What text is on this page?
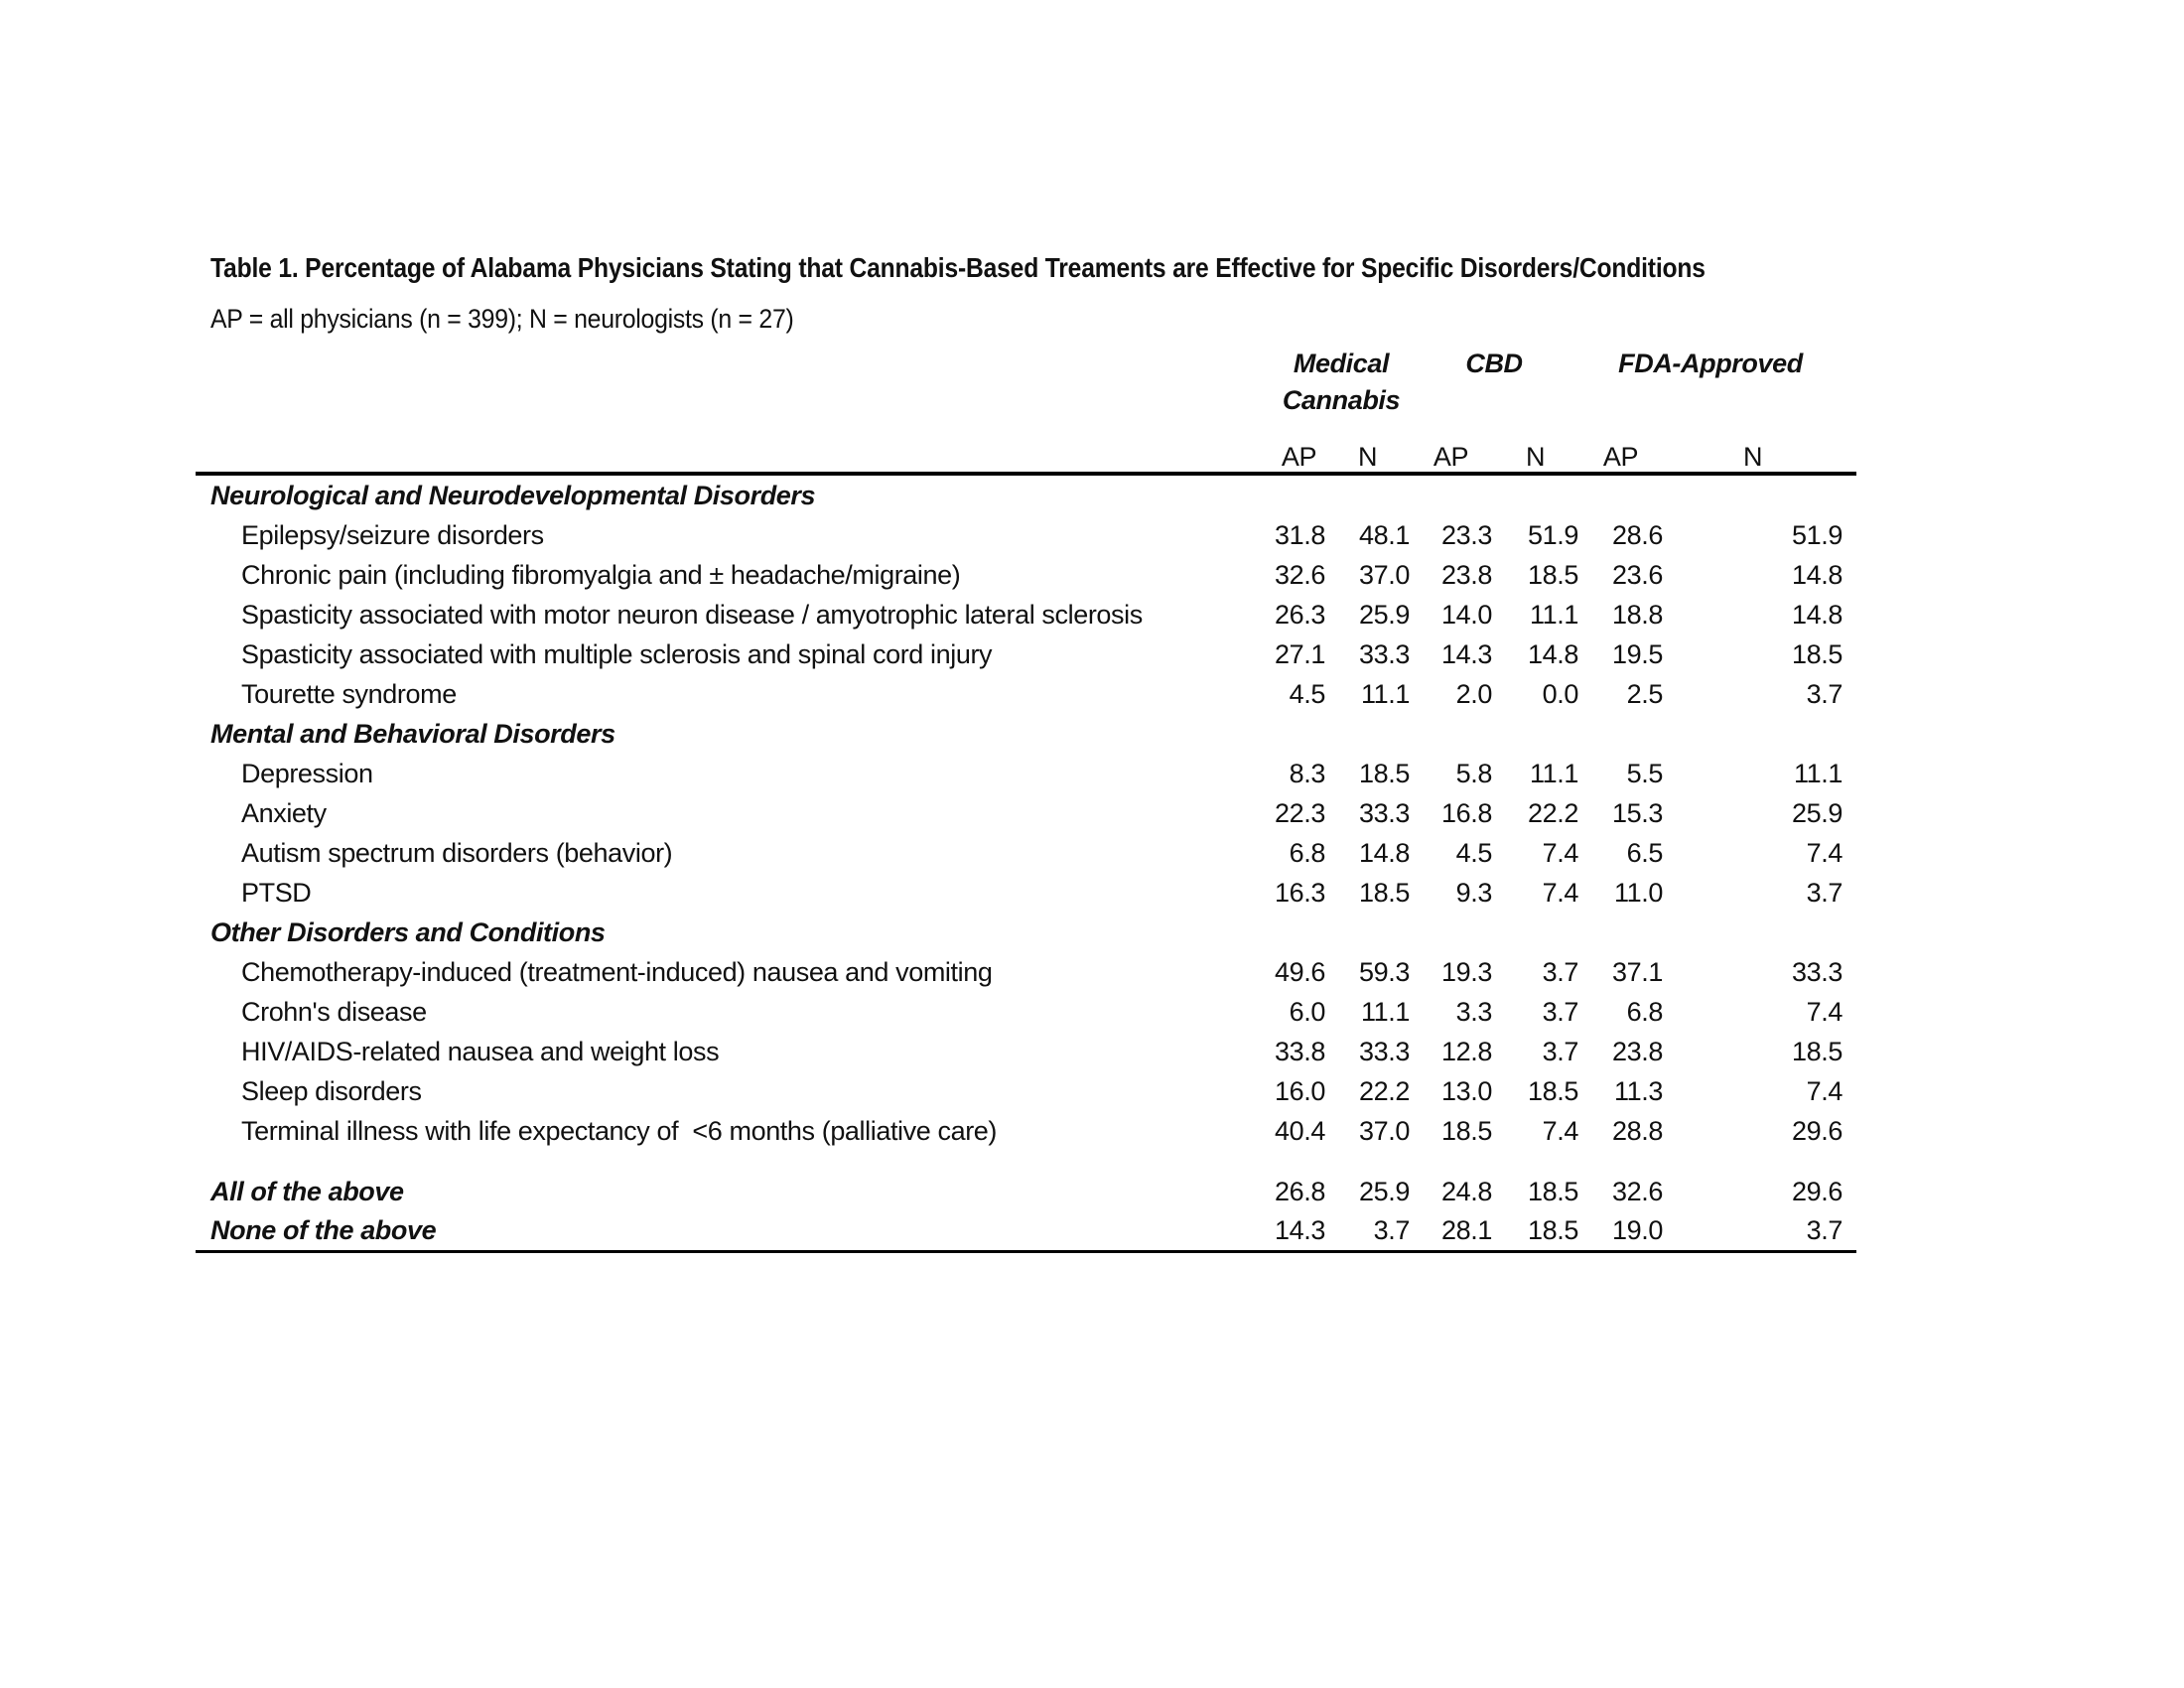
Table 1. Percentage of Alabama Physicians Stating that Cannabis-Based Treaments are Effective for Specific Disorders/Conditions
AP = all physicians (n = 399); N = neurologists (n = 27)
Medical Cannabis
CBD	FDA-Approved
AP	N	AP	N	AP	N
Neurological and Neurodevelopmental Disorders
Epilepsy/seizure disorders	31.8	48.1	23.3	51.9	28.6	51.9
Chronic pain (including fibromyalgia and ± headache/migraine)	32.6	37.0	23.8	18.5	23.6	14.8
Spasticity associated with motor neuron disease / amyotrophic lateral sclerosis	26.3	25.9	14.0	11.1	18.8	14.8
Spasticity associated with multiple sclerosis and spinal cord injury	27.1	33.3	14.3	14.8	19.5	18.5
Tourette syndrome	4.5	11.1	2.0	0.0	2.5	3.7
Mental and Behavioral Disorders
Depression	8.3	18.5	5.8	11.1	5.5	11.1
Anxiety	22.3	33.3	16.8	22.2	15.3	25.9
Autism spectrum disorders (behavior)	6.8	14.8	4.5	7.4	6.5	7.4
PTSD	16.3	18.5	9.3	7.4	11.0	3.7
Other Disorders and Conditions
Chemotherapy-induced (treatment-induced) nausea and vomiting	49.6	59.3	19.3	3.7	37.1	33.3
Crohn's disease	6.0	11.1	3.3	3.7	6.8	7.4
HIV/AIDS-related nausea and weight loss	33.8	33.3	12.8	3.7	23.8	18.5
Sleep disorders	16.0	22.2	13.0	18.5	11.3	7.4
Terminal illness with life expectancy of  <6 months (palliative care)	40.4	37.0	18.5	7.4	28.8	29.6
All of the above	26.8	25.9	24.8	18.5	32.6	29.6
None of the above	14.3	3.7	28.1	18.5	19.0	3.7
